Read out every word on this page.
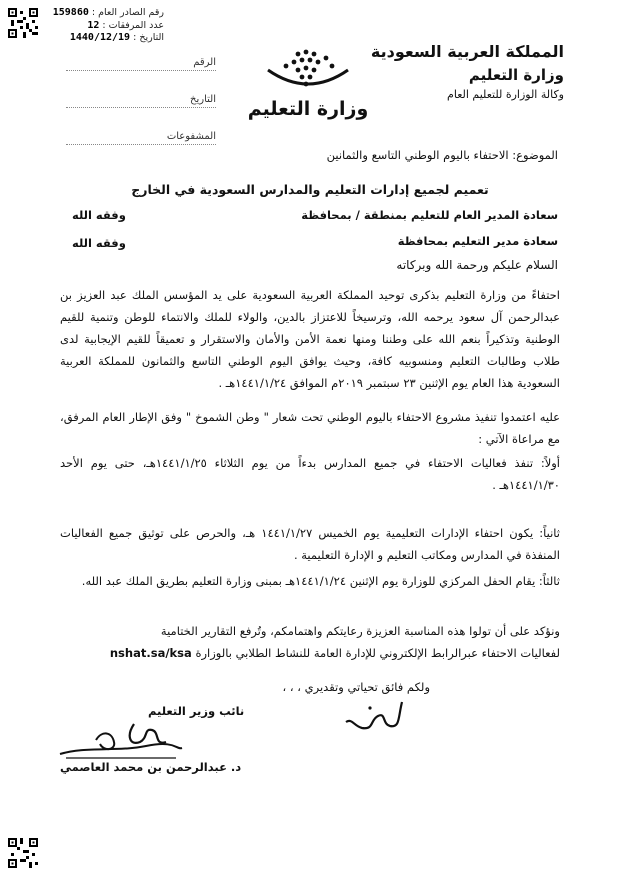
رقم الصادر العام : 159860
عدد المرفقات : 12
التاريخ : 1440/12/19
المملكة العربية السعودية
وزارة التعليم
وكالة الوزارة للتعليم العام
الرقم
التاريخ
المشفوعات
وزارة التعليم
الموضوع: الاحتفاء باليوم الوطني التاسع والثمانين
تعميم لجميع إدارات التعليم والمدارس السعودية في الخارج
سعادة المدير العام للتعليم بمنطقة / بمحافظة
وفقه الله
سعادة مدير التعليم بمحافظة
وفقه الله
السلام عليكم ورحمة الله وبركاته
احتفاءً من وزارة التعليم بذكرى توحيد المملكة العربية السعودية على يد المؤسس الملك عبد العزيز بن عبدالرحمن آل سعود يرحمه الله، وترسيخاً للاعتزاز بالدين، والولاء للملك والانتماء للوطن وتنمية للقيم الوطنية وتذكيراً بنعم الله على وطننا ومنها نعمة الأمن والأمان والاستقرار و تعميقاً للقيم الإيجابية لدى طلاب وطالبات التعليم ومنسوبيه كافة، وحيث يوافق اليوم الوطني التاسع والثمانون للمملكة العربية السعودية هذا العام يوم الإثنين ٢٣ سبتمبر ٢٠١٩م الموافق ١٤٤١/١/٢٤هـ .
عليه اعتمدوا تنفيذ مشروع الاحتفاء باليوم الوطني تحت شعار " وطن الشموخ " وفق الإطار العام المرفق، مع مراعاة الآتي :
أولاً: تنفذ فعاليات الاحتفاء في جميع المدارس بدءاً من يوم الثلاثاء ١٤٤١/١/٢٥هـ، حتى يوم الأحد ١٤٤١/١/٣٠هـ .
ثانياً: يكون احتفاء الإدارات التعليمية يوم الخميس ١٤٤١/١/٢٧ هـ، والحرص على توثيق جميع الفعاليات المنفذة في المدارس ومكاتب التعليم و الإدارة التعليمية .
ثالثاً: يقام الحفل المركزي للوزارة يوم الإثنين ١٤٤١/١/٢٤هـ بمبنى وزارة التعليم بطريق الملك عبد الله.
ونؤكد على أن تولوا هذه المناسبة العزيزة رعايتكم واهتمامكم، وتُرفع التقارير الختامية
لفعاليات الاحتفاء عبرالرابط الإلكتروني للإدارة العامة للنشاط الطلابي بالوزارة nshat.sa/ksa
ولكم فائق تحياتي وتقديري ، ، ،
نائب وزير التعليم
د. عبدالرحمن بن محمد العاصمي
